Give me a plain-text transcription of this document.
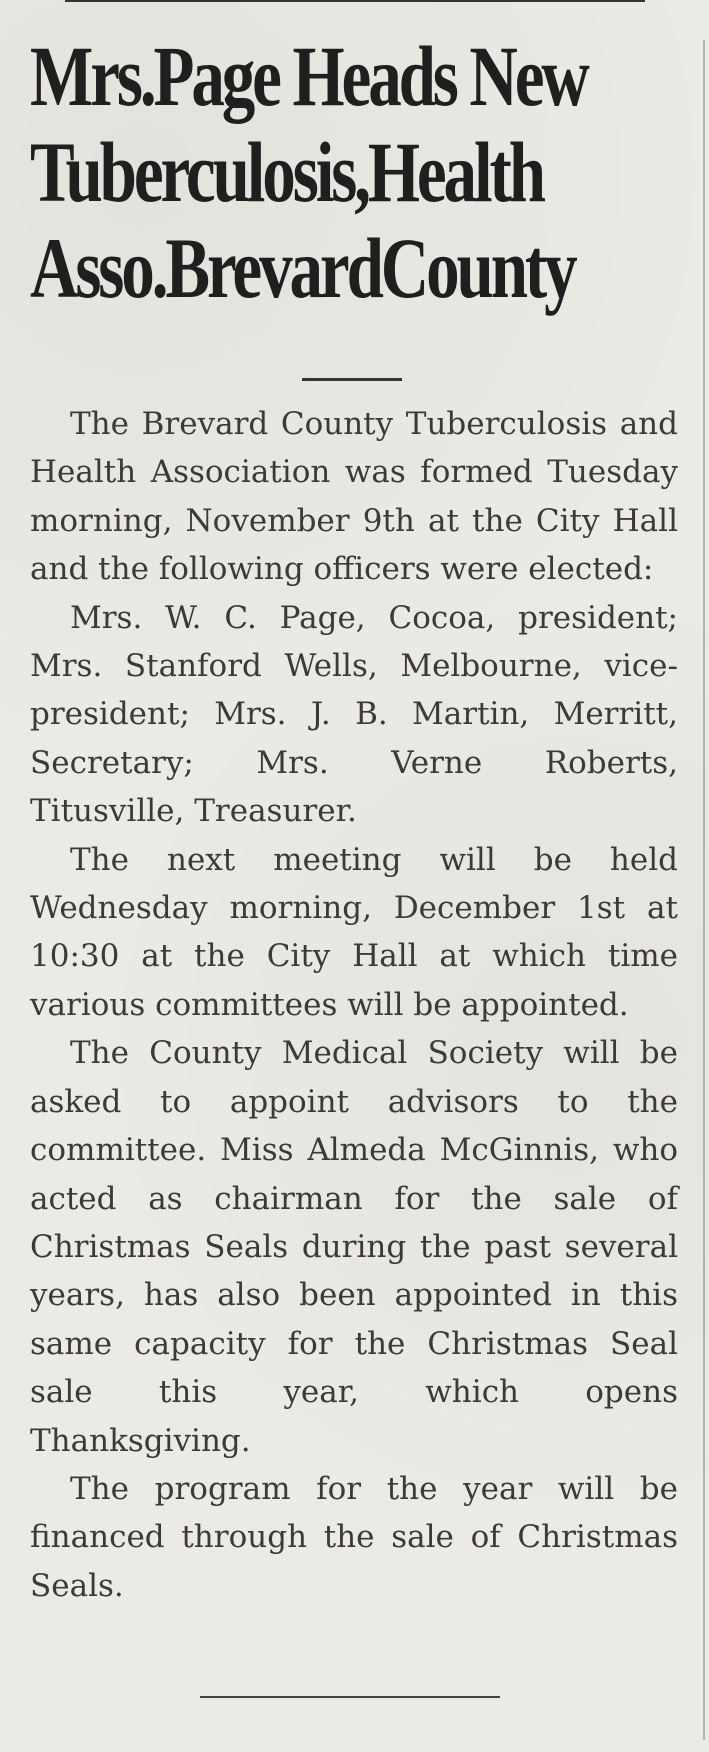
Mrs.Page Heads New
Tuberculosis,Health
Asso.BrevardCounty

The Brevard County Tuberculosis and Health Association was formed Tuesday morning, November 9th at the City Hall and the following officers were elected:

Mrs. W. C. Page, Cocoa, president; Mrs. Stanford Wells, Melbourne, vice-president; Mrs. J. B. Martin, Merritt, Secretary; Mrs. Verne Roberts, Titusville, Treasurer.

The next meeting will be held Wednesday morning, December 1st at 10:30 at the City Hall at which time various committees will be appointed.

The County Medical Society will be asked to appoint advisors to the committee. Miss Almeda McGinnis, who acted as chairman for the sale of Christmas Seals during the past several years, has also been appointed in this same capacity for the Christmas Seal sale this year, which opens Thanksgiving.

The program for the year will be financed through the sale of Christmas Seals.
